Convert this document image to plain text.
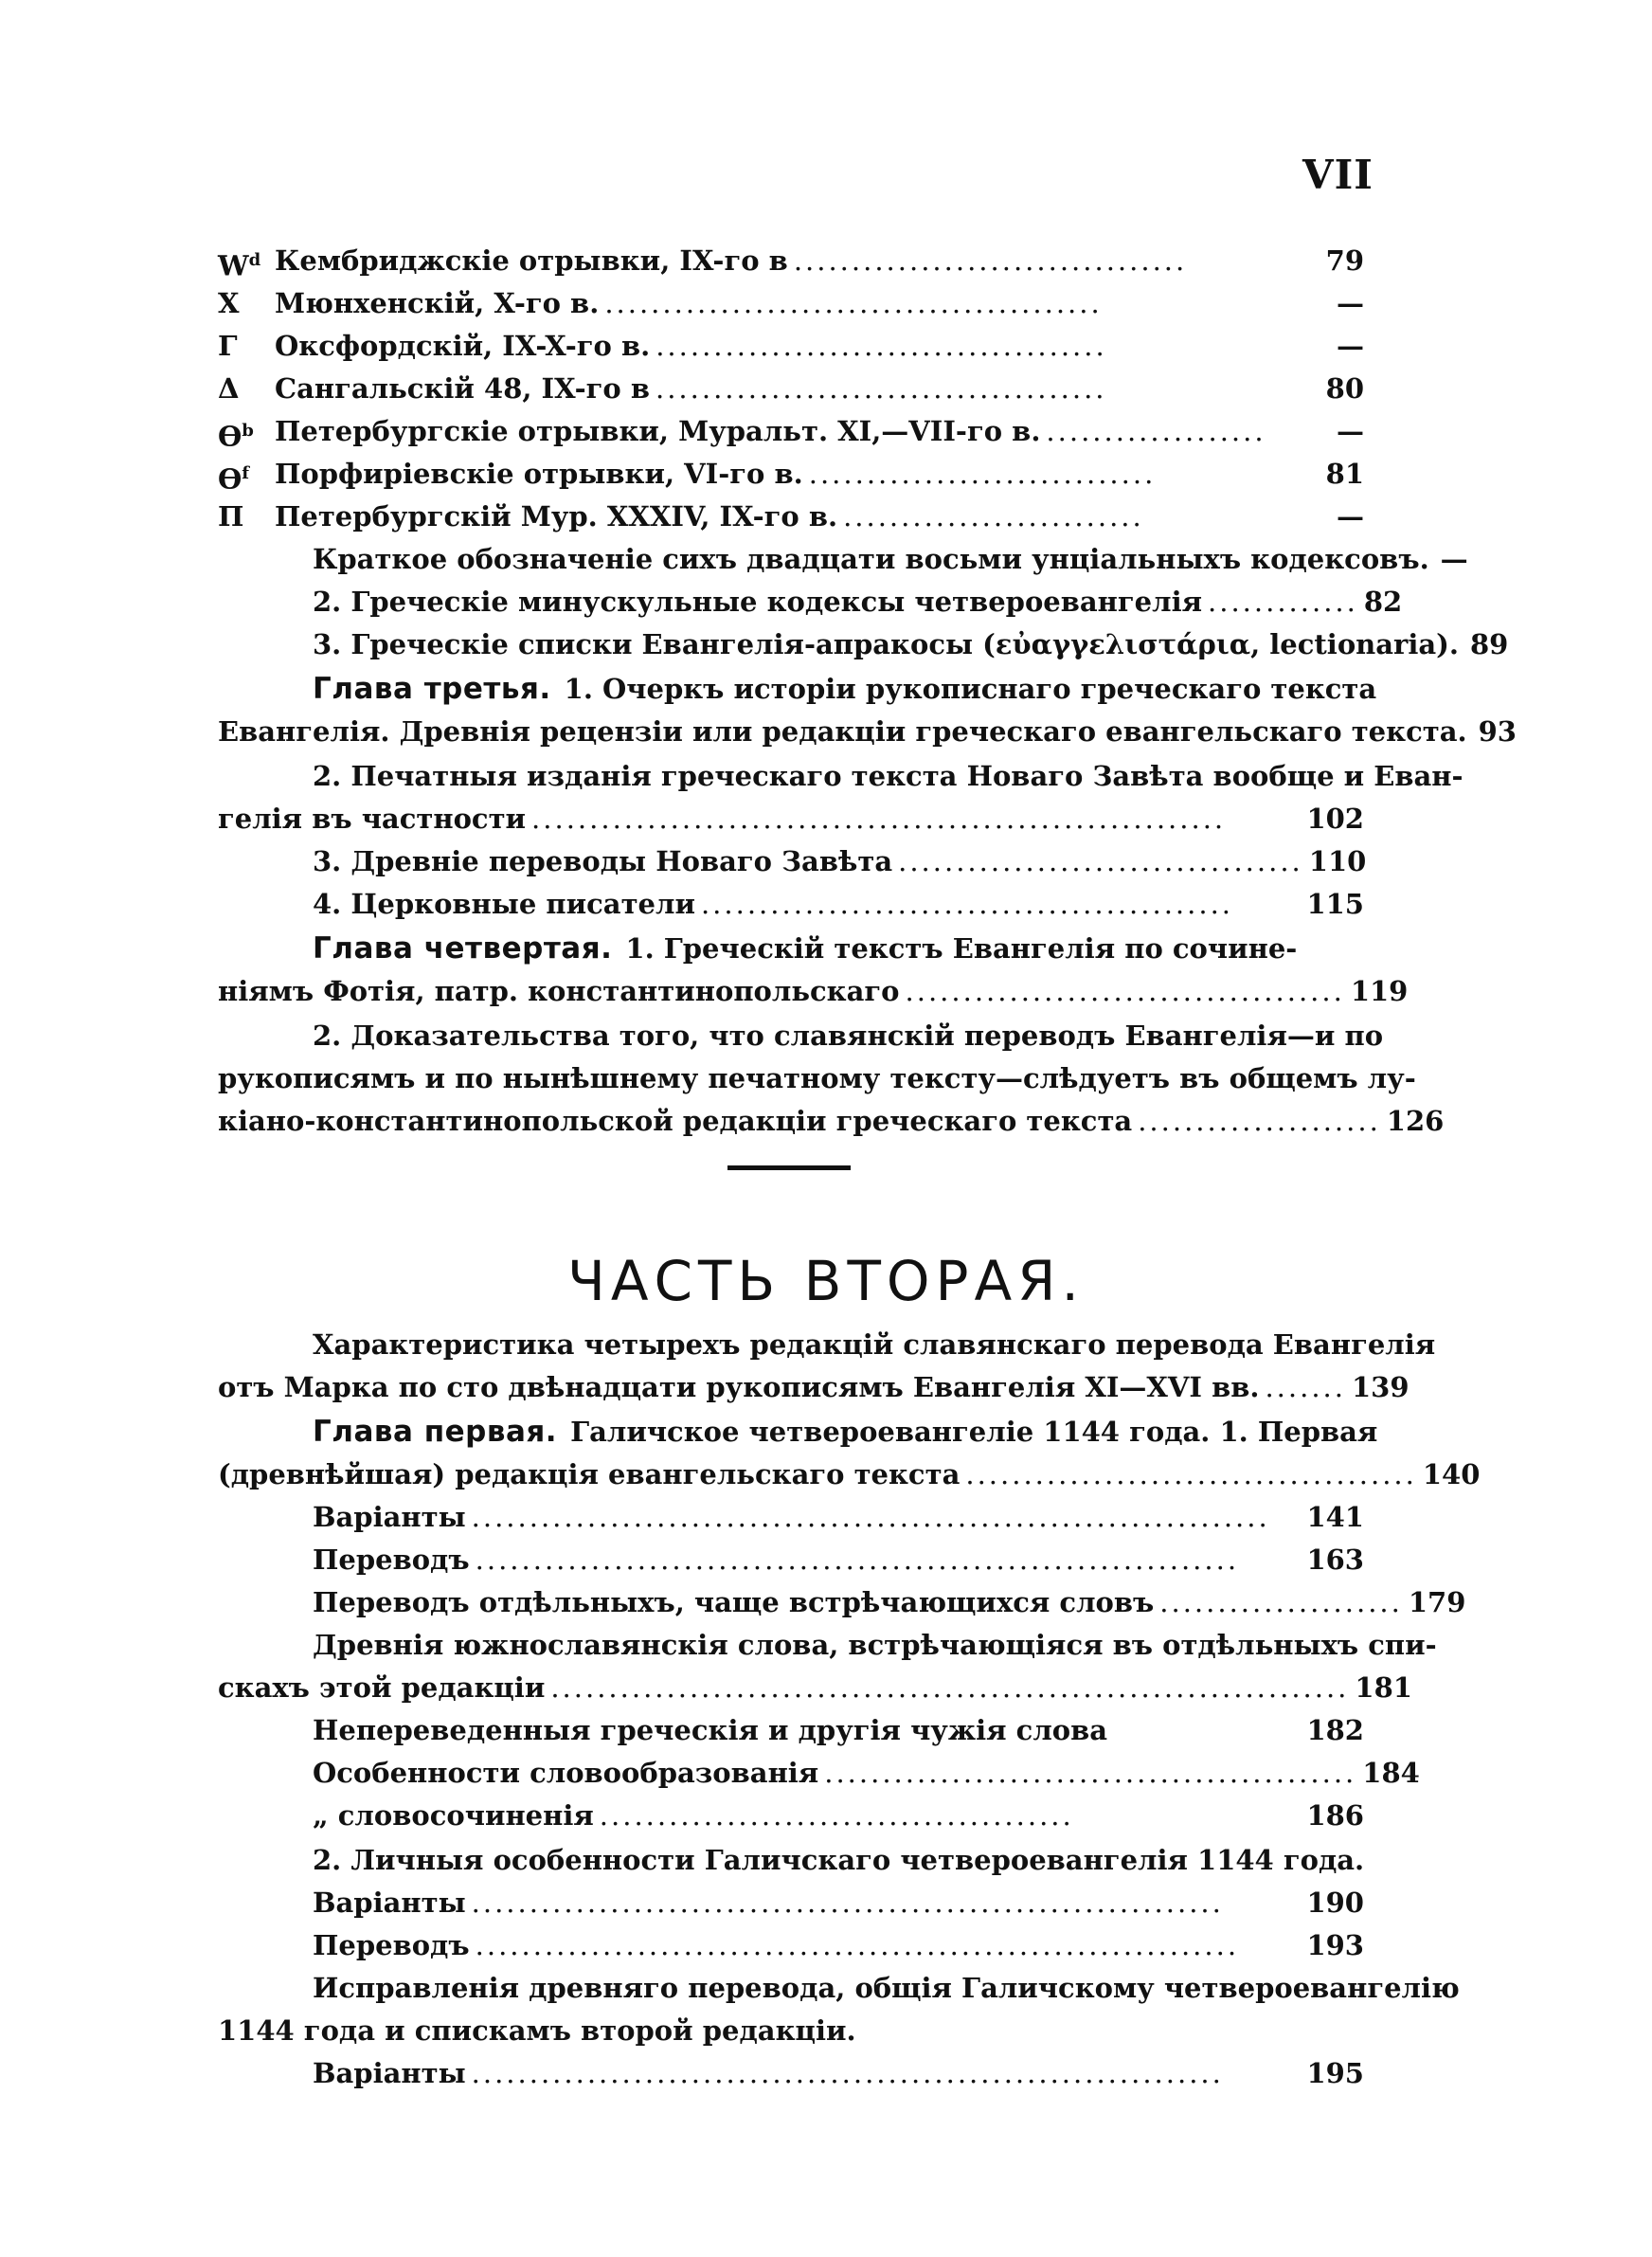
VII
$W^d$ Кембриджскіе отрывки, IX-го в ..................................	79
X	Мюнхенскій, X-го в. ...........................................	—
Γ	Оксфордскій, IX-X-го в. .......................................	—
Δ	Сангальскій 48, IX-го в .......................................	80
$ϴ^b$ Петербургскіе отрывки, Муральт. XI,—VII-го в. ...................	—
$ϴ^f$ Порфиріевскіе отрывки, VI-го в. ..............................	81
Π	Петербургскій Мур. XXXIV, IX-го в. ..........................	—
Краткое обозначеніе сихъ двадцати восьми унціальныхъ кодексовъ. —
2. Греческіе минускульные кодексы четвероевангелія ............. 82
3. Греческіе списки Евангелія-апракосы (εὐαγγελιστάρια, lectionaria). 89
Глава третья. 1. Очеркъ исторіи рукописнаго греческаго текста
Евангелія. Древнія рецензіи или редакціи греческаго евангельскаго текста. 93
2. Печатныя изданія греческаго текста Новаго Завѣта вообще и Еван-
гелія въ частности ............................................................	102
3. Древніе переводы Новаго Завѣта ................................... 110
4. Церковные писатели ..............................................	115
Глава четвертая. 1. Греческій текстъ Евангелія по сочине-
ніямъ Фотія, патр. константинопольскаго ...................................... 119
2. Доказательства того, что славянскій переводъ Евангелія—и по
рукописямъ и по нынѣшнему печатному тексту—слѣдуетъ въ общемъ лу-
кіано-константинопольской редакціи греческаго текста ..................... 126
Характеристика четырехъ редакцій славянскаго перевода Евангелія
отъ Марка по сто двѣнадцати рукописямъ Евангелія XI—XVI вв. ....... 139
Глава первая. Галичское четвероевангеліе 1144 года. 1. Первая
(древнѣйшая) редакція евангельскаго текста ....................................... 140
Варіанты .....................................................................	141
Переводъ ..................................................................	163
Переводъ отдѣльныхъ, чаще встрѣчающихся словъ ..................... 179
Древнія южнославянскія слова, встрѣчающіяся въ отдѣльныхъ спи-
скахъ этой редакціи ..................................................................... 181
Непереведенныя греческія и другія чужія слова	182
Особенности словообразованія .............................................. 184
„ словосочиненія .........................................	186
2. Личныя особенности Галичскаго четвероевангелія 1144 года.
Варіанты .................................................................	190
Переводъ ..................................................................	193
Исправленія древняго перевода, общія Галичскому четвероевангелію
1144 года и спискамъ второй редакціи.
Варіанты .................................................................	195
ЧАСТЬ ВТОРАЯ.
